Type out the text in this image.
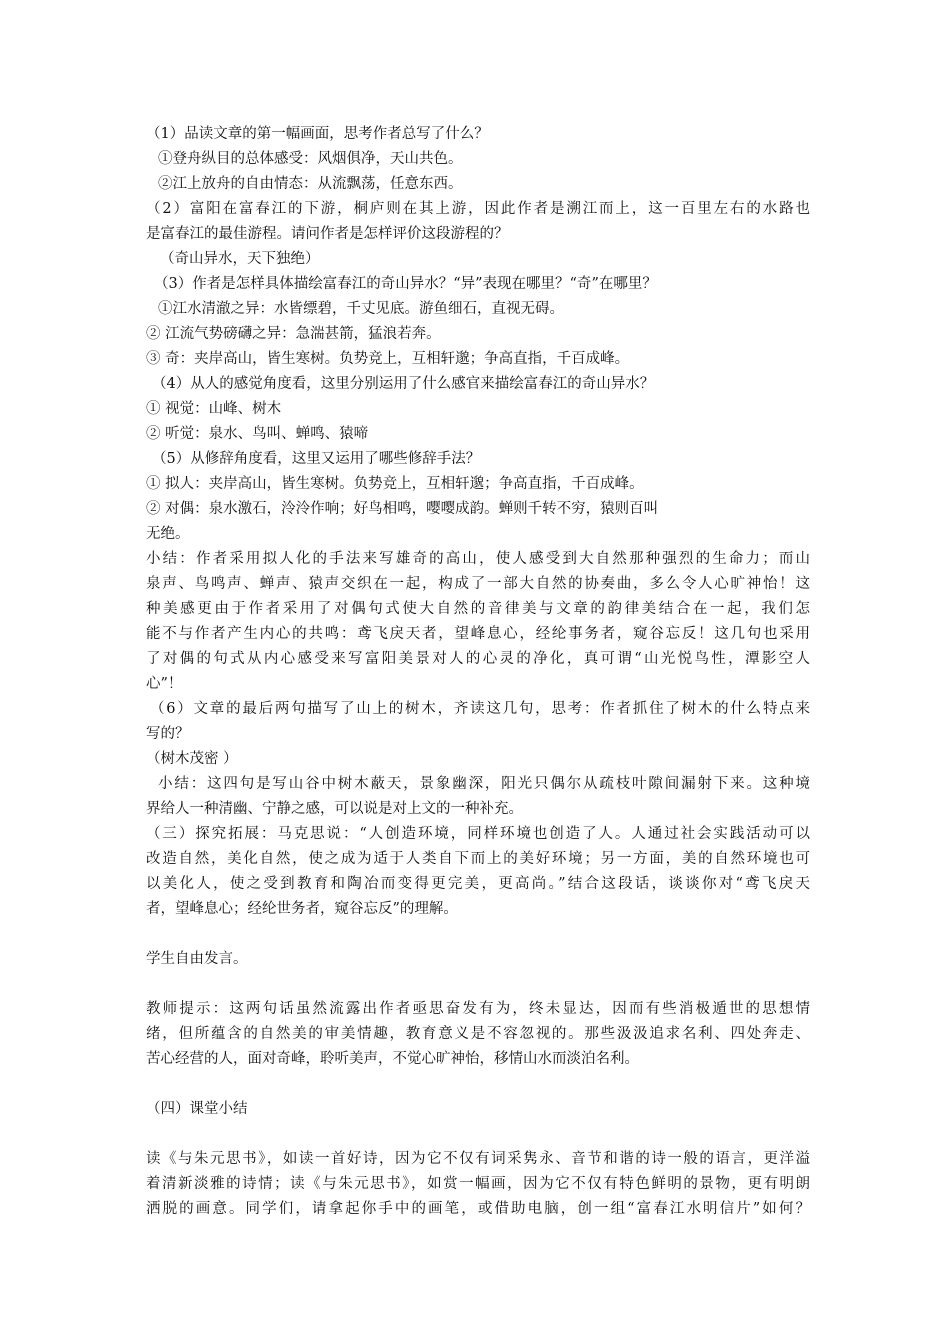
（1）品读文章的第一幅画面，思考作者总写了什么？
①登舟纵目的总体感受：风烟俱净，天山共色。
②江上放舟的自由情态：从流飘荡，任意东西。
（2）富阳在富春江的下游，桐庐则在其上游，因此作者是溯江而上，这一百里左右的水路也
是富春江的最佳游程。请问作者是怎样评价这段游程的？
（奇山异水，天下独绝）
（3）作者是怎样具体描绘富春江的奇山异水？“异”表现在哪里？“奇”在哪里？
①江水清澈之异：水皆缥碧，千丈见底。游鱼细石，直视无碍。
② 江流气势磅礴之异：急湍甚箭，猛浪若奔。
③ 奇：夹岸高山，皆生寒树。负势竞上，互相轩邈；争高直指，千百成峰。
（4）从人的感觉角度看，这里分别运用了什么感官来描绘富春江的奇山异水？
① 视觉：山峰、树木
② 听觉：泉水、鸟叫、蝉鸣、猿啼
（5）从修辞角度看，这里又运用了哪些修辞手法？
① 拟人：夹岸高山，皆生寒树。负势竞上，互相轩邈；争高直指，千百成峰。
② 对偶：泉水激石，泠泠作响；好鸟相鸣，嘤嘤成韵。蝉则千转不穷，猿则百叫
无绝。
小结：作者采用拟人化的手法来写雄奇的高山，使人感受到大自然那种强烈的生命力；而山
泉声、鸟鸣声、蝉声、猿声交织在一起，构成了一部大自然的协奏曲，多么令人心旷神怡！这
种美感更由于作者采用了对偶句式使大自然的音律美与文章的韵律美结合在一起，我们怎
能不与作者产生内心的共鸣：鸢飞戾天者，望峰息心，经纶事务者，窥谷忘反！这几句也采用
了对偶的句式从内心感受来写富阳美景对人的心灵的净化，真可谓“山光悦鸟性，潭影空人
心”！
（6）文章的最后两句描写了山上的树木，齐读这几句，思考：作者抓住了树木的什么特点来
写的？
（树木茂密 ）
小结：这四句是写山谷中树木蔽天，景象幽深，阳光只偶尔从疏枝叶隙间漏射下来。这种境
界给人一种清幽、宁静之感，可以说是对上文的一种补充。
（三）探究拓展：马克思说：“人创造环境，同样环境也创造了人。人通过社会实践活动可以
改造自然，美化自然，使之成为适于人类自下而上的美好环境；另一方面，美的自然环境也可
以美化人，使之受到教育和陶冶而变得更完美，更高尚。”结合这段话，谈谈你对“鸢飞戾天
者，望峰息心；经纶世务者，窥谷忘反”的理解。
学生自由发言。
教师提示：这两句话虽然流露出作者亟思奋发有为，终未显达，因而有些消极遁世的思想情
绪，但所蕴含的自然美的审美情趣，教育意义是不容忽视的。那些汲汲追求名利、四处奔走、
苦心经营的人，面对奇峰，聆听美声，不觉心旷神怡，移情山水而淡泊名利。
（四）课堂小结
读《与朱元思书》，如读一首好诗，因为它不仅有词采隽永、音节和谐的诗一般的语言，更洋溢
着清新淡雅的诗情；读《与朱元思书》，如赏一幅画，因为它不仅有特色鲜明的景物，更有明朗
洒脱的画意。同学们，请拿起你手中的画笔，或借助电脑，创一组“富春江水明信片”如何？
